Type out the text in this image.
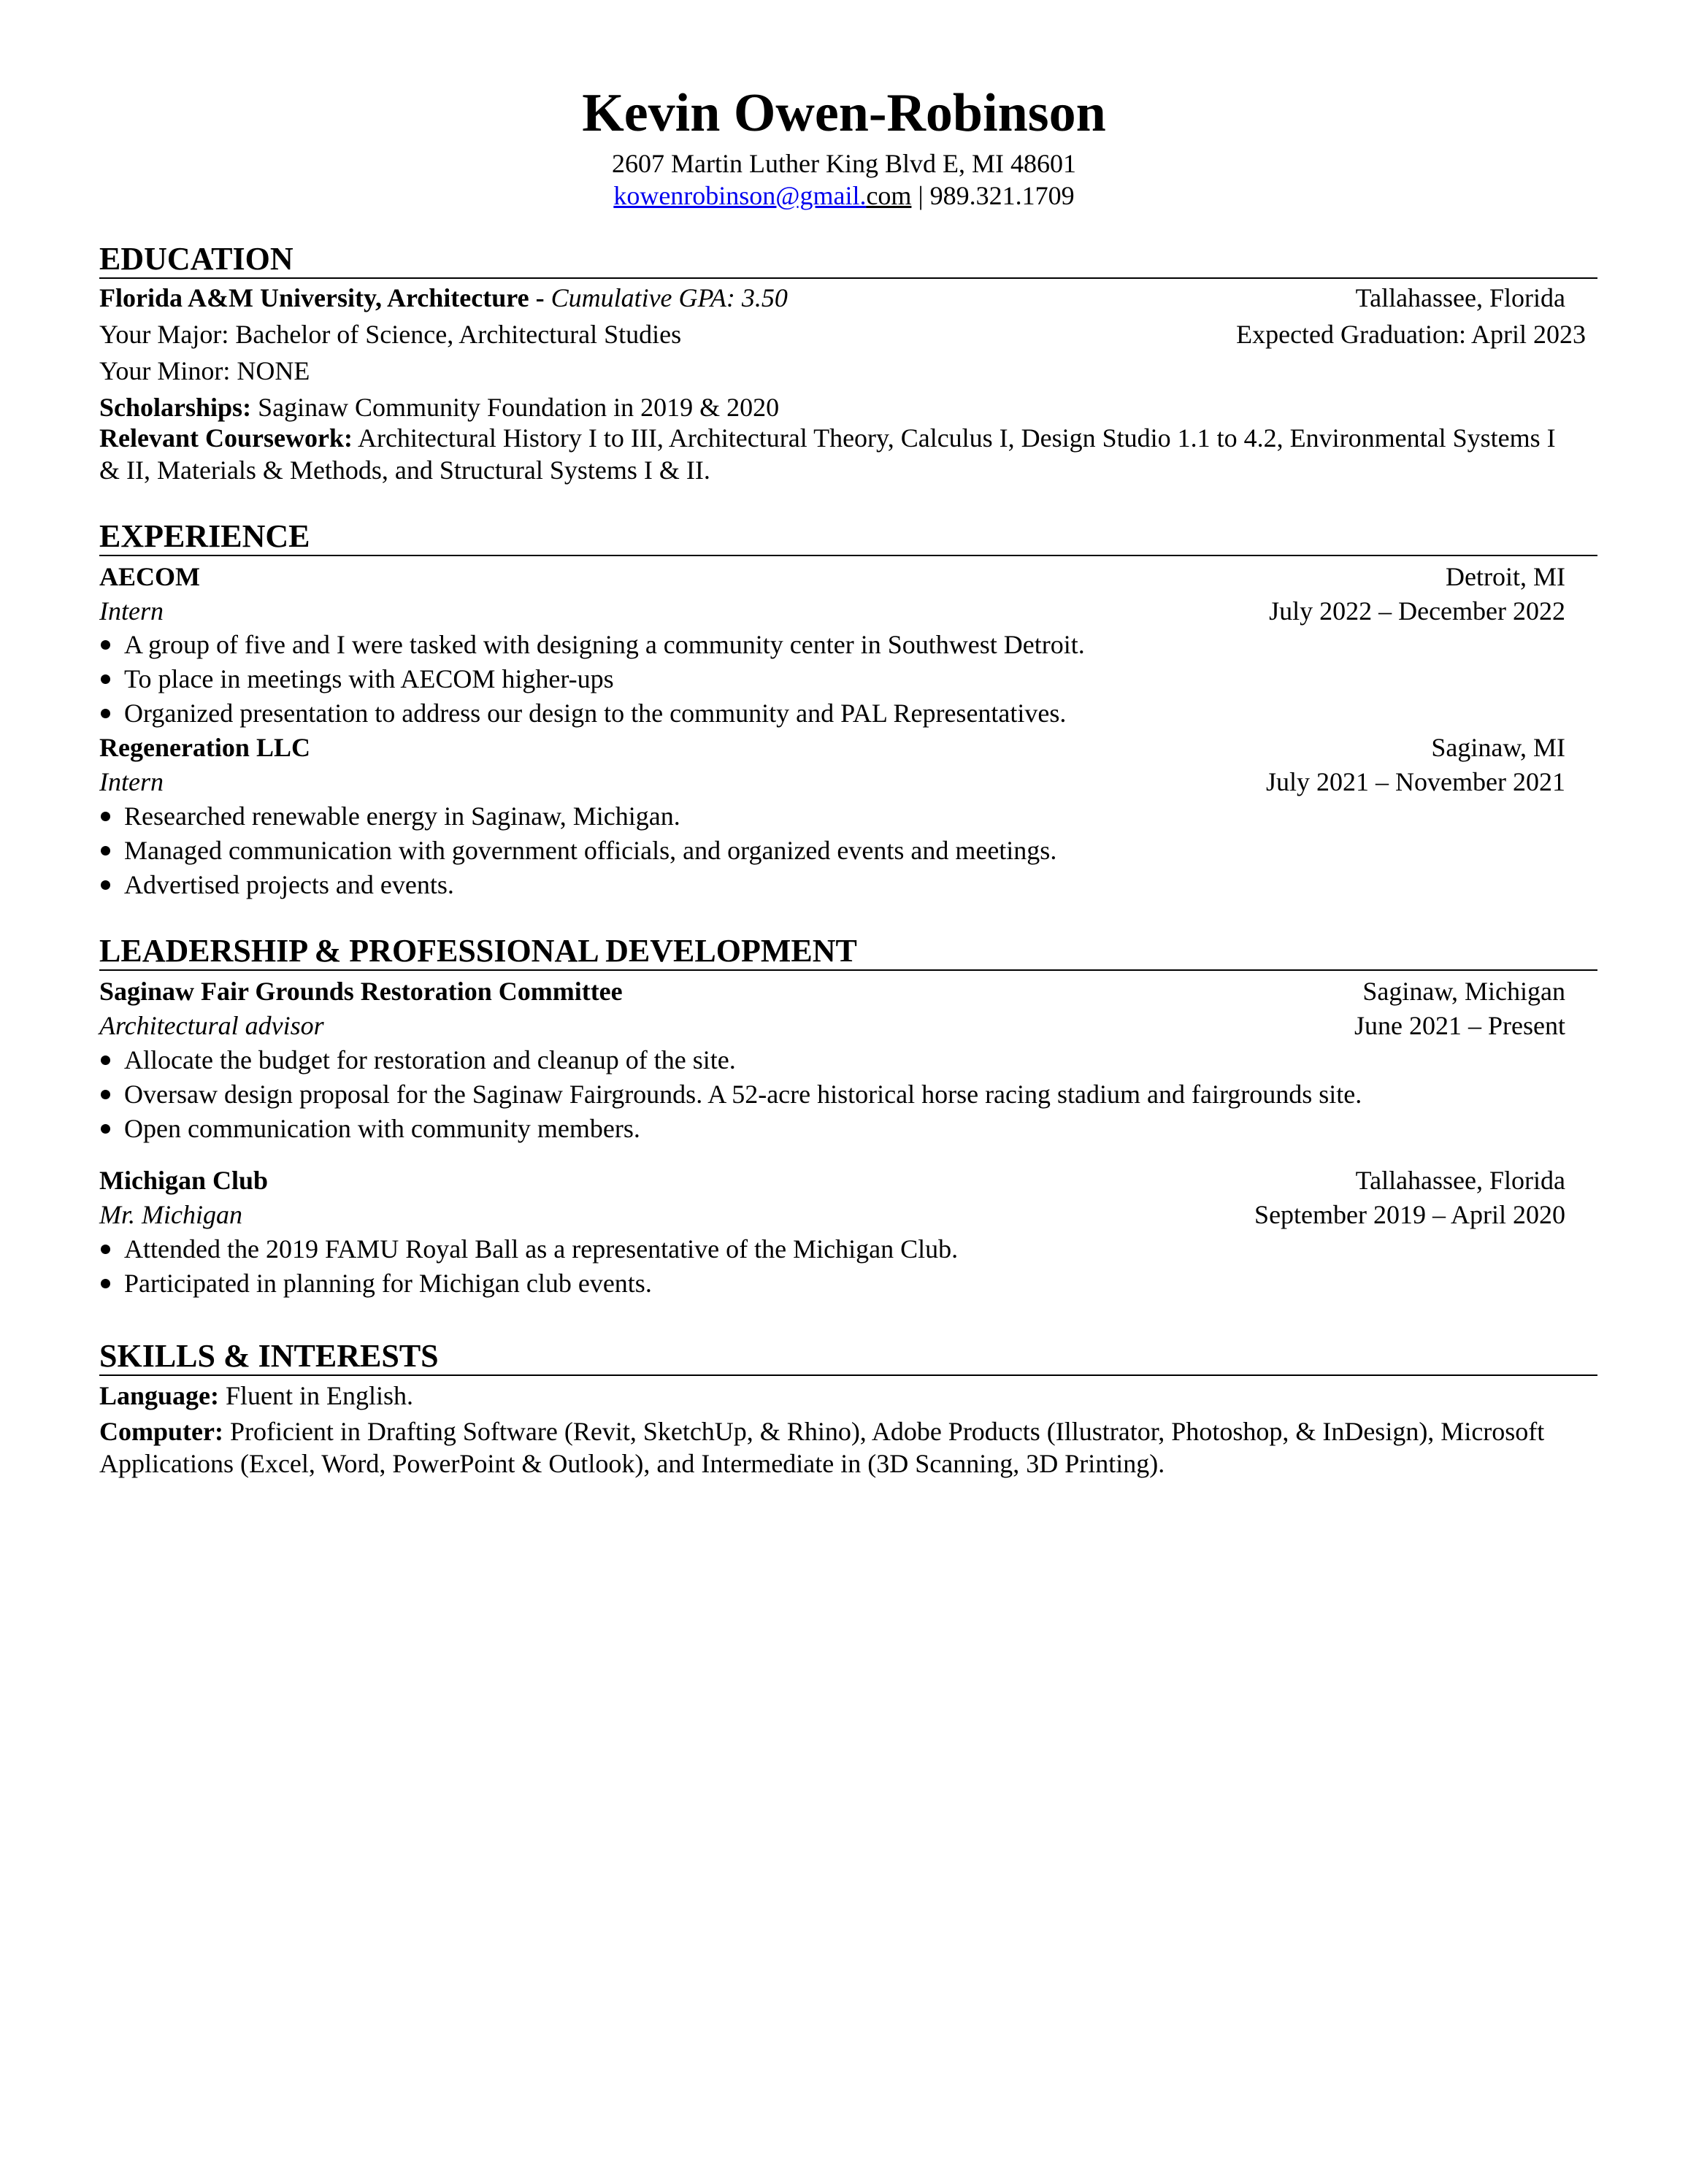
Kevin Owen-Robinson
2607 Martin Luther King Blvd E, MI 48601
kowenrobinson@gmail.com | 989.321.1709
EDUCATION
Florida A&M University, Architecture - Cumulative GPA: 3.50	Tallahassee, Florida
Your Major: Bachelor of Science, Architectural Studies	Expected Graduation: April 2023
Your Minor: NONE
Scholarships: Saginaw Community Foundation in 2019 & 2020
Relevant Coursework: Architectural History I to III, Architectural Theory, Calculus I, Design Studio 1.1 to 4.2, Environmental Systems I & II, Materials & Methods, and Structural Systems I & II.
EXPERIENCE
AECOM	Detroit, MI
Intern	July 2022 – December 2022
A group of five and I were tasked with designing a community center in Southwest Detroit.
To place in meetings with AECOM higher-ups
Organized presentation to address our design to the community and PAL Representatives.
Regeneration LLC	Saginaw, MI
Intern	July 2021 – November 2021
Researched renewable energy in Saginaw, Michigan.
Managed communication with government officials, and organized events and meetings.
Advertised projects and events.
LEADERSHIP & PROFESSIONAL DEVELOPMENT
Saginaw Fair Grounds Restoration Committee	Saginaw, Michigan
Architectural advisor	June 2021 – Present
Allocate the budget for restoration and cleanup of the site.
Oversaw design proposal for the Saginaw Fairgrounds. A 52-acre historical horse racing stadium and fairgrounds site.
Open communication with community members.
Michigan Club	Tallahassee, Florida
Mr. Michigan	September 2019 – April 2020
Attended the 2019 FAMU Royal Ball as a representative of the Michigan Club.
Participated in planning for Michigan club events.
SKILLS & INTERESTS
Language: Fluent in English.
Computer: Proficient in Drafting Software (Revit, SketchUp, & Rhino), Adobe Products (Illustrator, Photoshop, & InDesign), Microsoft Applications (Excel, Word, PowerPoint & Outlook), and Intermediate in (3D Scanning, 3D Printing).
